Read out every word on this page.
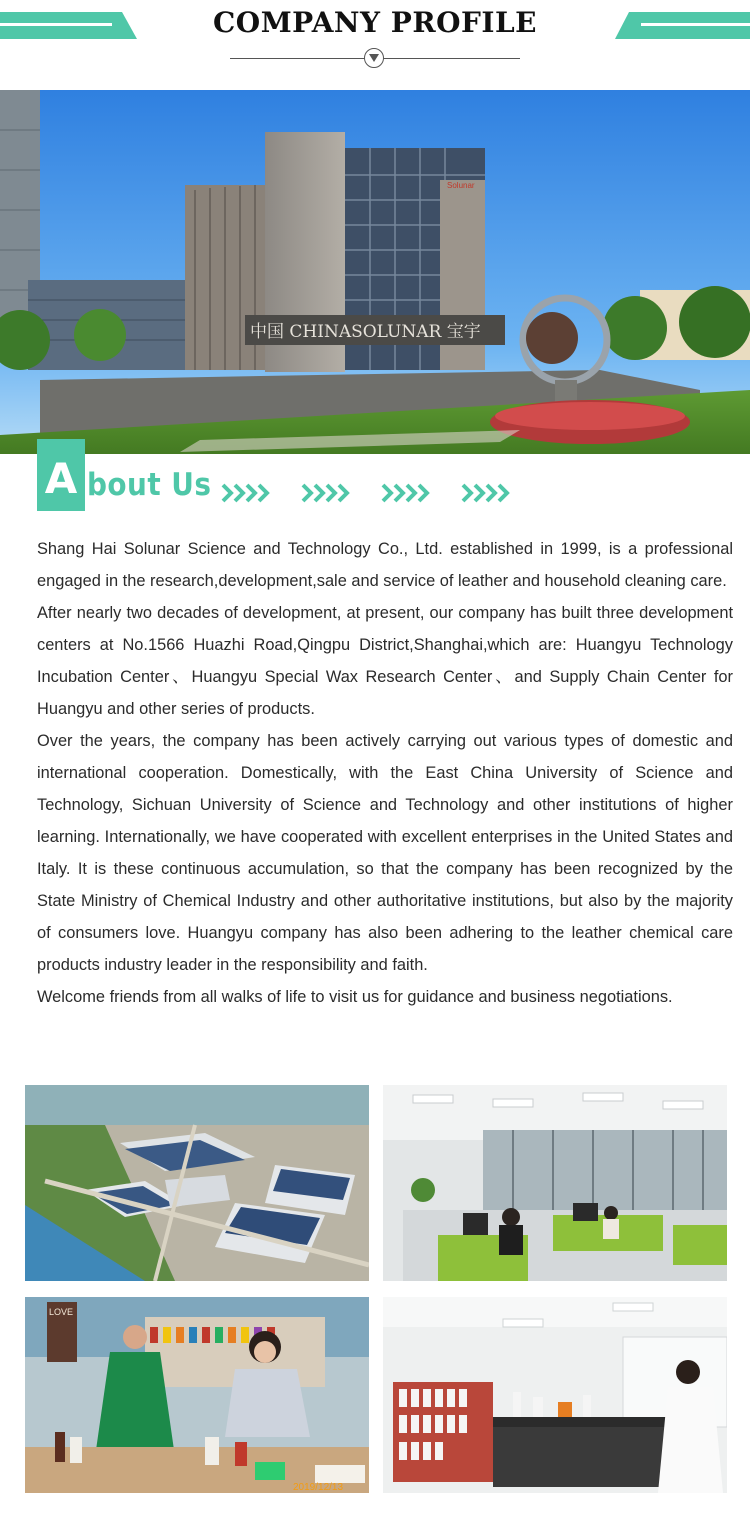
COMPANY PROFILE
Solunar
中国 CHINASOLUNAR 宝宇
A bout Us

Shang Hai Solunar Science and Technology Co., Ltd. established in 1999, is a professional engaged in the research,development,sale and service of leather and household cleaning care.

After nearly two decades of development, at present, our company has built three development centers at No.1566 Huazhi Road,Qingpu District,Shanghai,which are: Huangyu Technology Incubation Center、Huangyu Special Wax Research Center、and Supply Chain Center for Huangyu and other series of products.

Over the years, the company has been actively carrying out various types of domestic and international cooperation. Domestically, with the East China University of Science and Technology, Sichuan University of Science and Technology and other institutions of higher learning. Internationally, we have cooperated with excellent enterprises in the United States and Italy. It is these continuous accumulation, so that the company has been recognized by the State Ministry of Chemical Industry and other authoritative institutions, but also by the majority of consumers love. Huangyu company has also been adhering to the leather chemical care products industry leader in the responsibility and faith.

Welcome friends from all walks of life to visit us for guidance and business negotiations.

LOVE
2019/12/13
